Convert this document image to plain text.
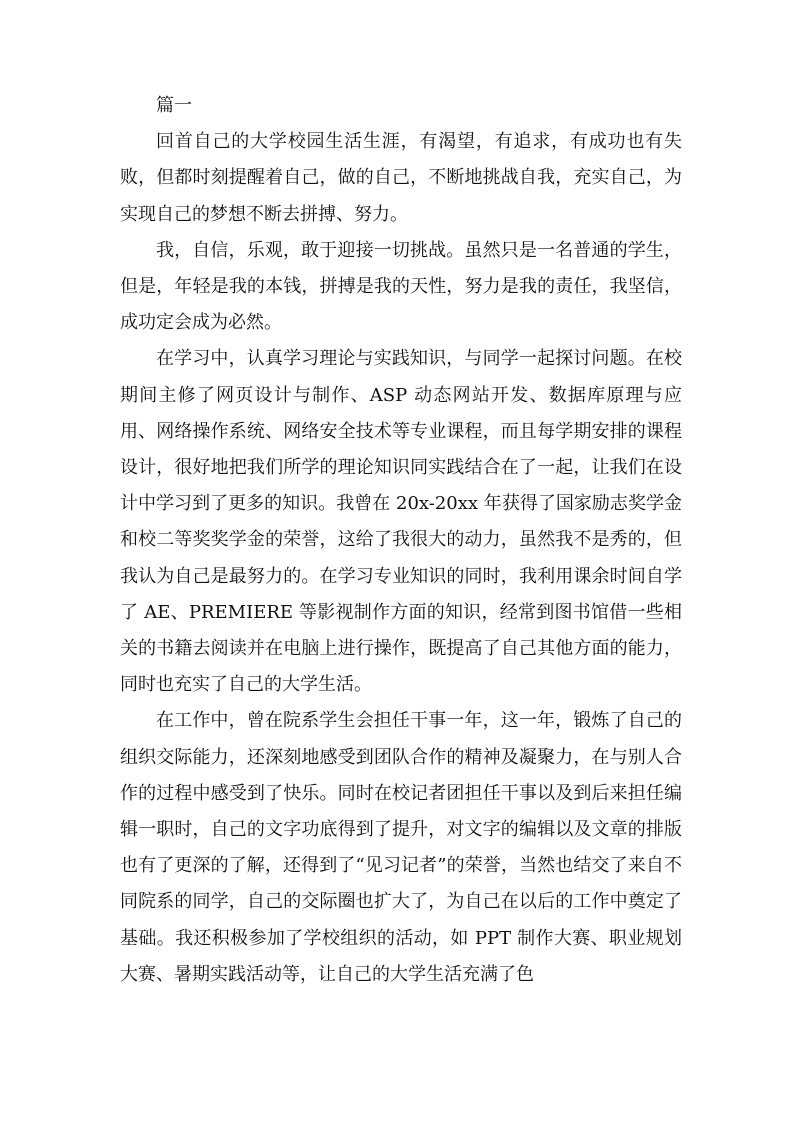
篇一

回首自己的大学校园生活生涯，有渴望，有追求，有成功也有失败，但都时刻提醒着自己，做的自己，不断地挑战自我，充实自己，为实现自己的梦想不断去拼搏、努力。

我，自信，乐观，敢于迎接一切挑战。虽然只是一名普通的学生，但是，年轻是我的本钱，拼搏是我的天性，努力是我的责任，我坚信，成功定会成为必然。

在学习中，认真学习理论与实践知识，与同学一起探讨问题。在校期间主修了网页设计与制作、ASP 动态网站开发、数据库原理与应用、网络操作系统、网络安全技术等专业课程，而且每学期安排的课程设计，很好地把我们所学的理论知识同实践结合在了一起，让我们在设计中学习到了更多的知识。我曾在 20x-20xx 年获得了国家励志奖学金和校二等奖奖学金的荣誉，这给了我很大的动力，虽然我不是秀的，但我认为自己是最努力的。在学习专业知识的同时，我利用课余时间自学了 AE、PREMIERE 等影视制作方面的知识，经常到图书馆借一些相关的书籍去阅读并在电脑上进行操作，既提高了自己其他方面的能力，同时也充实了自己的大学生活。

在工作中，曾在院系学生会担任干事一年，这一年，锻炼了自己的组织交际能力，还深刻地感受到团队合作的精神及凝聚力，在与别人合作的过程中感受到了快乐。同时在校记者团担任干事以及到后来担任编辑一职时，自己的文字功底得到了提升，对文字的编辑以及文章的排版也有了更深的了解，还得到了“见习记者”的荣誉，当然也结交了来自不同院系的同学，自己的交际圈也扩大了，为自己在以后的工作中奠定了基础。我还积极参加了学校组织的活动，如 PPT 制作大赛、职业规划大赛、暑期实践活动等，让自己的大学生活充满了色
